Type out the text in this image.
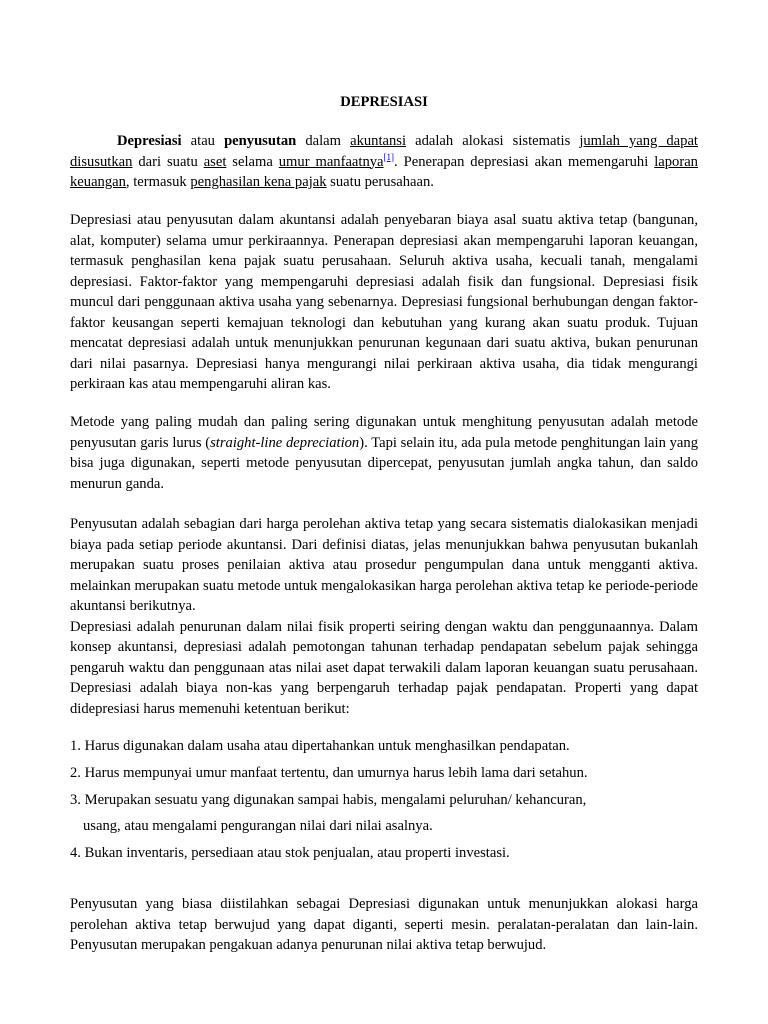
DEPRESIASI
Depresiasi atau penyusutan dalam akuntansi adalah alokasi sistematis jumlah yang dapat disusutkan dari suatu aset selama umur manfaatnya[1]. Penerapan depresiasi akan memengaruhi laporan keuangan, termasuk penghasilan kena pajak suatu perusahaan.
Depresiasi atau penyusutan dalam akuntansi adalah penyebaran biaya asal suatu aktiva tetap (bangunan, alat, komputer) selama umur perkiraannya. Penerapan depresiasi akan mempengaruhi laporan keuangan, termasuk penghasilan kena pajak suatu perusahaan. Seluruh aktiva usaha, kecuali tanah, mengalami depresiasi. Faktor-faktor yang mempengaruhi depresiasi adalah fisik dan fungsional. Depresiasi fisik muncul dari penggunaan aktiva usaha yang sebenarnya. Depresiasi fungsional berhubungan dengan faktor-faktor keusangan seperti kemajuan teknologi dan kebutuhan yang kurang akan suatu produk. Tujuan mencatat depresiasi adalah untuk menunjukkan penurunan kegunaan dari suatu aktiva, bukan penurunan dari nilai pasarnya. Depresiasi hanya mengurangi nilai perkiraan aktiva usaha, dia tidak mengurangi perkiraan kas atau mempengaruhi aliran kas.
Metode yang paling mudah dan paling sering digunakan untuk menghitung penyusutan adalah metode penyusutan garis lurus (straight-line depreciation). Tapi selain itu, ada pula metode penghitungan lain yang bisa juga digunakan, seperti metode penyusutan dipercepat, penyusutan jumlah angka tahun, dan saldo menurun ganda.
Penyusutan adalah sebagian dari harga perolehan aktiva tetap yang secara sistematis dialokasikan menjadi biaya pada setiap periode akuntansi. Dari definisi diatas, jelas menunjukkan bahwa penyusutan bukanlah merupakan suatu proses penilaian aktiva atau prosedur pengumpulan dana untuk mengganti aktiva. melainkan merupakan suatu metode untuk mengalokasikan harga perolehan aktiva tetap ke periode-periode akuntansi berikutnya.
Depresiasi adalah penurunan dalam nilai fisik properti seiring dengan waktu dan penggunaannya. Dalam konsep akuntansi, depresiasi adalah pemotongan tahunan terhadap pendapatan sebelum pajak sehingga pengaruh waktu dan penggunaan atas nilai aset dapat terwakili dalam laporan keuangan suatu perusahaan. Depresiasi adalah biaya non-kas yang berpengaruh terhadap pajak pendapatan. Properti yang dapat didepresiasi harus memenuhi ketentuan berikut:
1. Harus digunakan dalam usaha atau dipertahankan untuk menghasilkan pendapatan.
2. Harus mempunyai umur manfaat tertentu, dan umurnya harus lebih lama dari setahun.
3. Merupakan sesuatu yang digunakan sampai habis, mengalami peluruhan/ kehancuran,
usang, atau mengalami pengurangan nilai dari nilai asalnya.
4. Bukan inventaris, persediaan atau stok penjualan, atau properti investasi.
Penyusutan yang biasa diistilahkan sebagai Depresiasi digunakan untuk menunjukkan alokasi harga perolehan aktiva tetap berwujud yang dapat diganti, seperti mesin. peralatan-peralatan dan lain-lain. Penyusutan merupakan pengakuan adanya penurunan nilai aktiva tetap berwujud.
